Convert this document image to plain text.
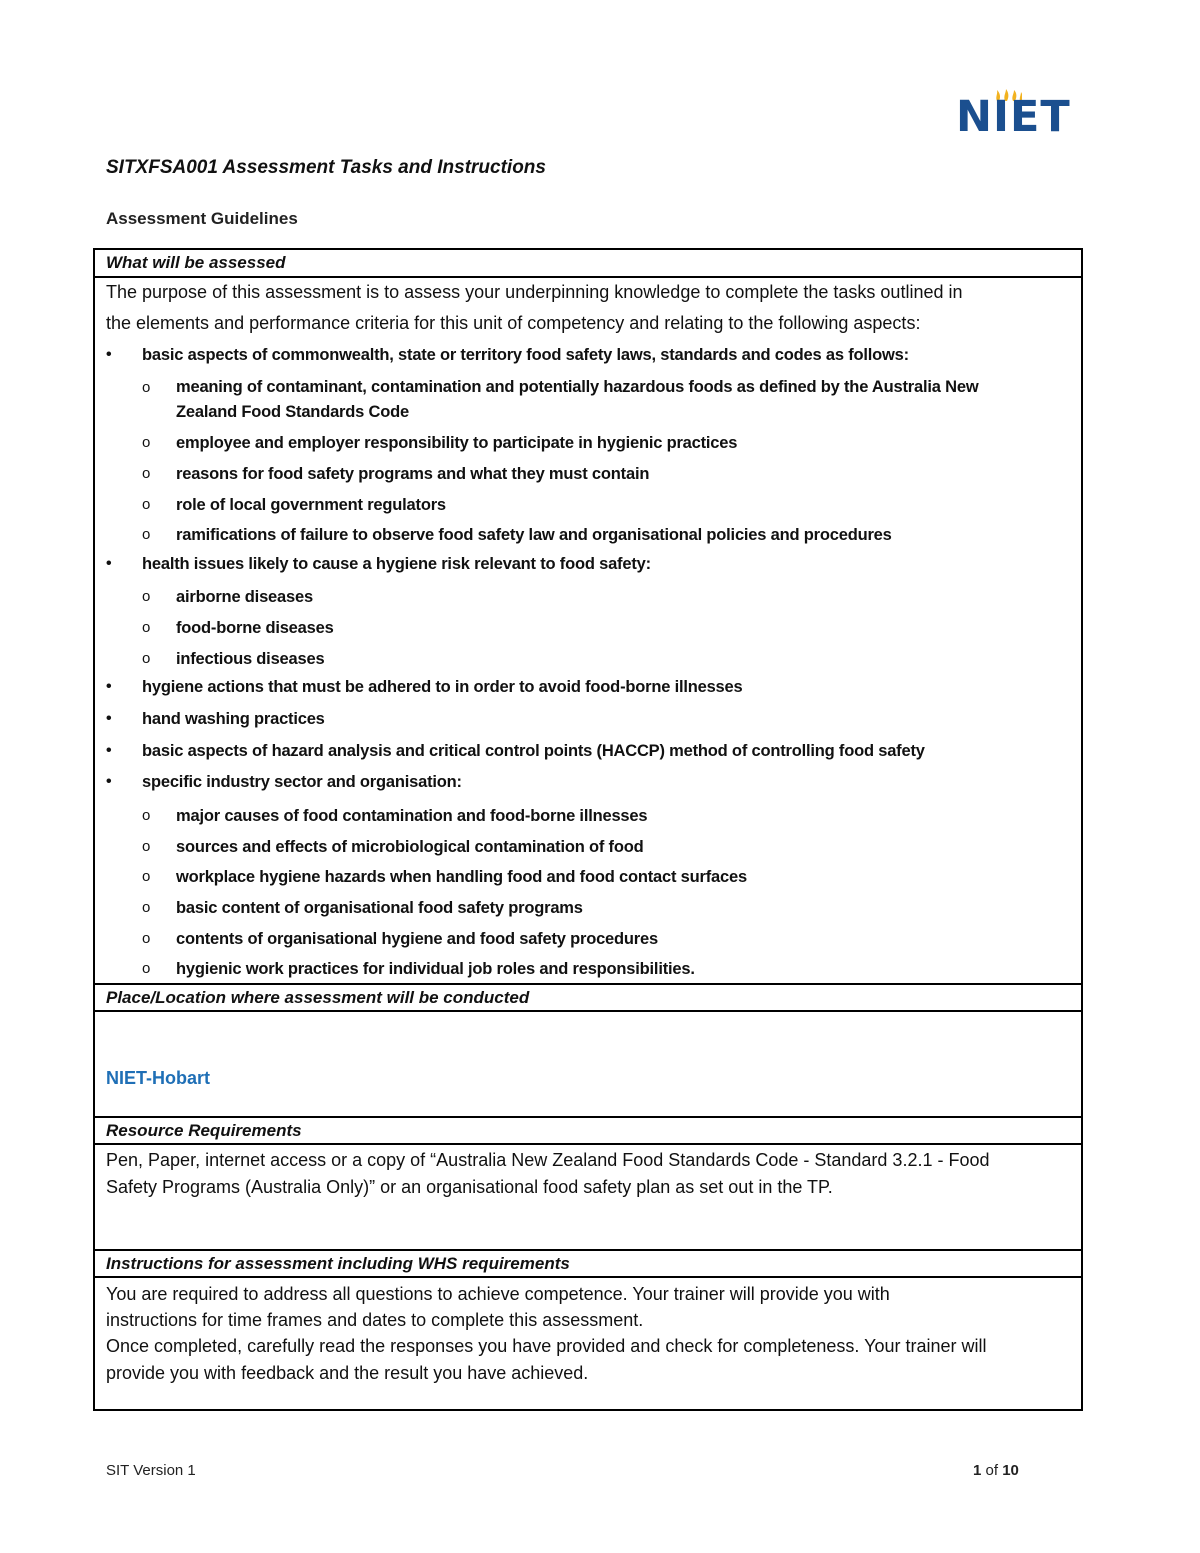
NIET
SITXFSA001 Assessment Tasks and Instructions
Assessment Guidelines
What will be assessed
The purpose of this assessment is to assess your underpinning knowledge to complete the tasks outlined in
the elements and performance criteria for this unit of competency and relating to the following aspects:
•	basic aspects of commonwealth, state or territory food safety laws, standards and codes as follows:
o meaning of contaminant, contamination and potentially hazardous foods as defined by the Australia New Zealand Food Standards Code
o employee and employer responsibility to participate in hygienic practices
o reasons for food safety programs and what they must contain
o role of local government regulators
o ramifications of failure to observe food safety law and organisational policies and procedures
•	health issues likely to cause a hygiene risk relevant to food safety:
o airborne diseases
o food-borne diseases
o infectious diseases
•	hygiene actions that must be adhered to in order to avoid food-borne illnesses
•	hand washing practices
•	basic aspects of hazard analysis and critical control points (HACCP) method of controlling food safety
•	specific industry sector and organisation:
o major causes of food contamination and food-borne illnesses
o sources and effects of microbiological contamination of food
o workplace hygiene hazards when handling food and food contact surfaces
o basic content of organisational food safety programs
o contents of organisational hygiene and food safety procedures
o hygienic work practices for individual job roles and responsibilities.
Place/Location where assessment will be conducted
NIET-Hobart
Resource Requirements
Pen, Paper, internet access or a copy of “Australia New Zealand Food Standards Code - Standard 3.2.1 - Food
Safety Programs (Australia Only)” or an organisational food safety plan as set out in the TP.
Instructions for assessment including WHS requirements
You are required to address all questions to achieve competence. Your trainer will provide you with
instructions for time frames and dates to complete this assessment.
Once completed, carefully read the responses you have provided and check for completeness. Your trainer will
provide you with feedback and the result you have achieved.
SIT Version 1	1 of 10
